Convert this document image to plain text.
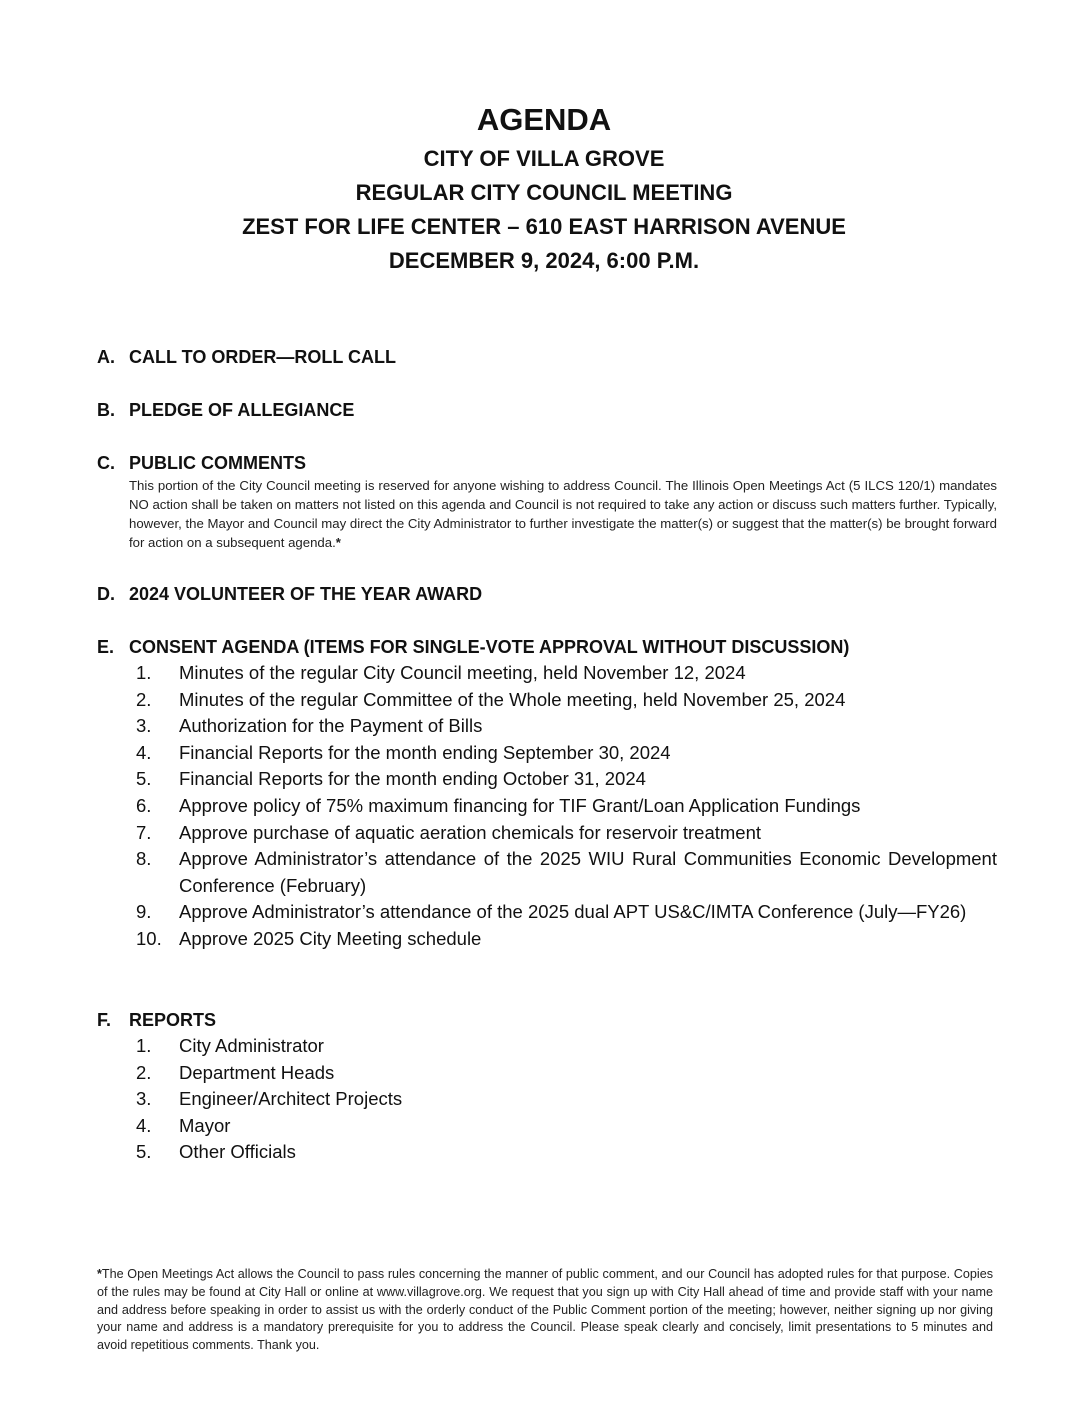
AGENDA
CITY OF VILLA GROVE
REGULAR CITY COUNCIL MEETING
ZEST FOR LIFE CENTER – 610 EAST HARRISON AVENUE
DECEMBER 9, 2024, 6:00 P.M.
A. CALL TO ORDER—ROLL CALL
B. PLEDGE OF ALLEGIANCE
C. PUBLIC COMMENTS
This portion of the City Council meeting is reserved for anyone wishing to address Council. The Illinois Open Meetings Act (5 ILCS 120/1) mandates NO action shall be taken on matters not listed on this agenda and Council is not required to take any action or discuss such matters further. Typically, however, the Mayor and Council may direct the City Administrator to further investigate the matter(s) or suggest that the matter(s) be brought forward for action on a subsequent agenda.*
D. 2024 VOLUNTEER OF THE YEAR AWARD
E. CONSENT AGENDA (ITEMS FOR SINGLE-VOTE APPROVAL WITHOUT DISCUSSION)
1.	Minutes of the regular City Council meeting, held November 12, 2024
2.	Minutes of the regular Committee of the Whole meeting, held November 25, 2024
3.	Authorization for the Payment of Bills
4.	Financial Reports for the month ending September 30, 2024
5.	Financial Reports for the month ending October 31, 2024
6.	Approve policy of 75% maximum financing for TIF Grant/Loan Application Fundings
7.	Approve purchase of aquatic aeration chemicals for reservoir treatment
8.	Approve Administrator’s attendance of the 2025 WIU Rural Communities Economic Development Conference (February)
9.	Approve Administrator’s attendance of the 2025 dual APT US&C/IMTA Conference (July—FY26)
10. Approve 2025 City Meeting schedule
F. REPORTS
1.	City Administrator
2.	Department Heads
3.	Engineer/Architect Projects
4.	Mayor
5.	Other Officials
*The Open Meetings Act allows the Council to pass rules concerning the manner of public comment, and our Council has adopted rules for that purpose. Copies of the rules may be found at City Hall or online at www.villagrove.org. We request that you sign up with City Hall ahead of time and provide staff with your name and address before speaking in order to assist us with the orderly conduct of the Public Comment portion of the meeting; however, neither signing up nor giving your name and address is a mandatory prerequisite for you to address the Council. Please speak clearly and concisely, limit presentations to 5 minutes and avoid repetitious comments. Thank you.
